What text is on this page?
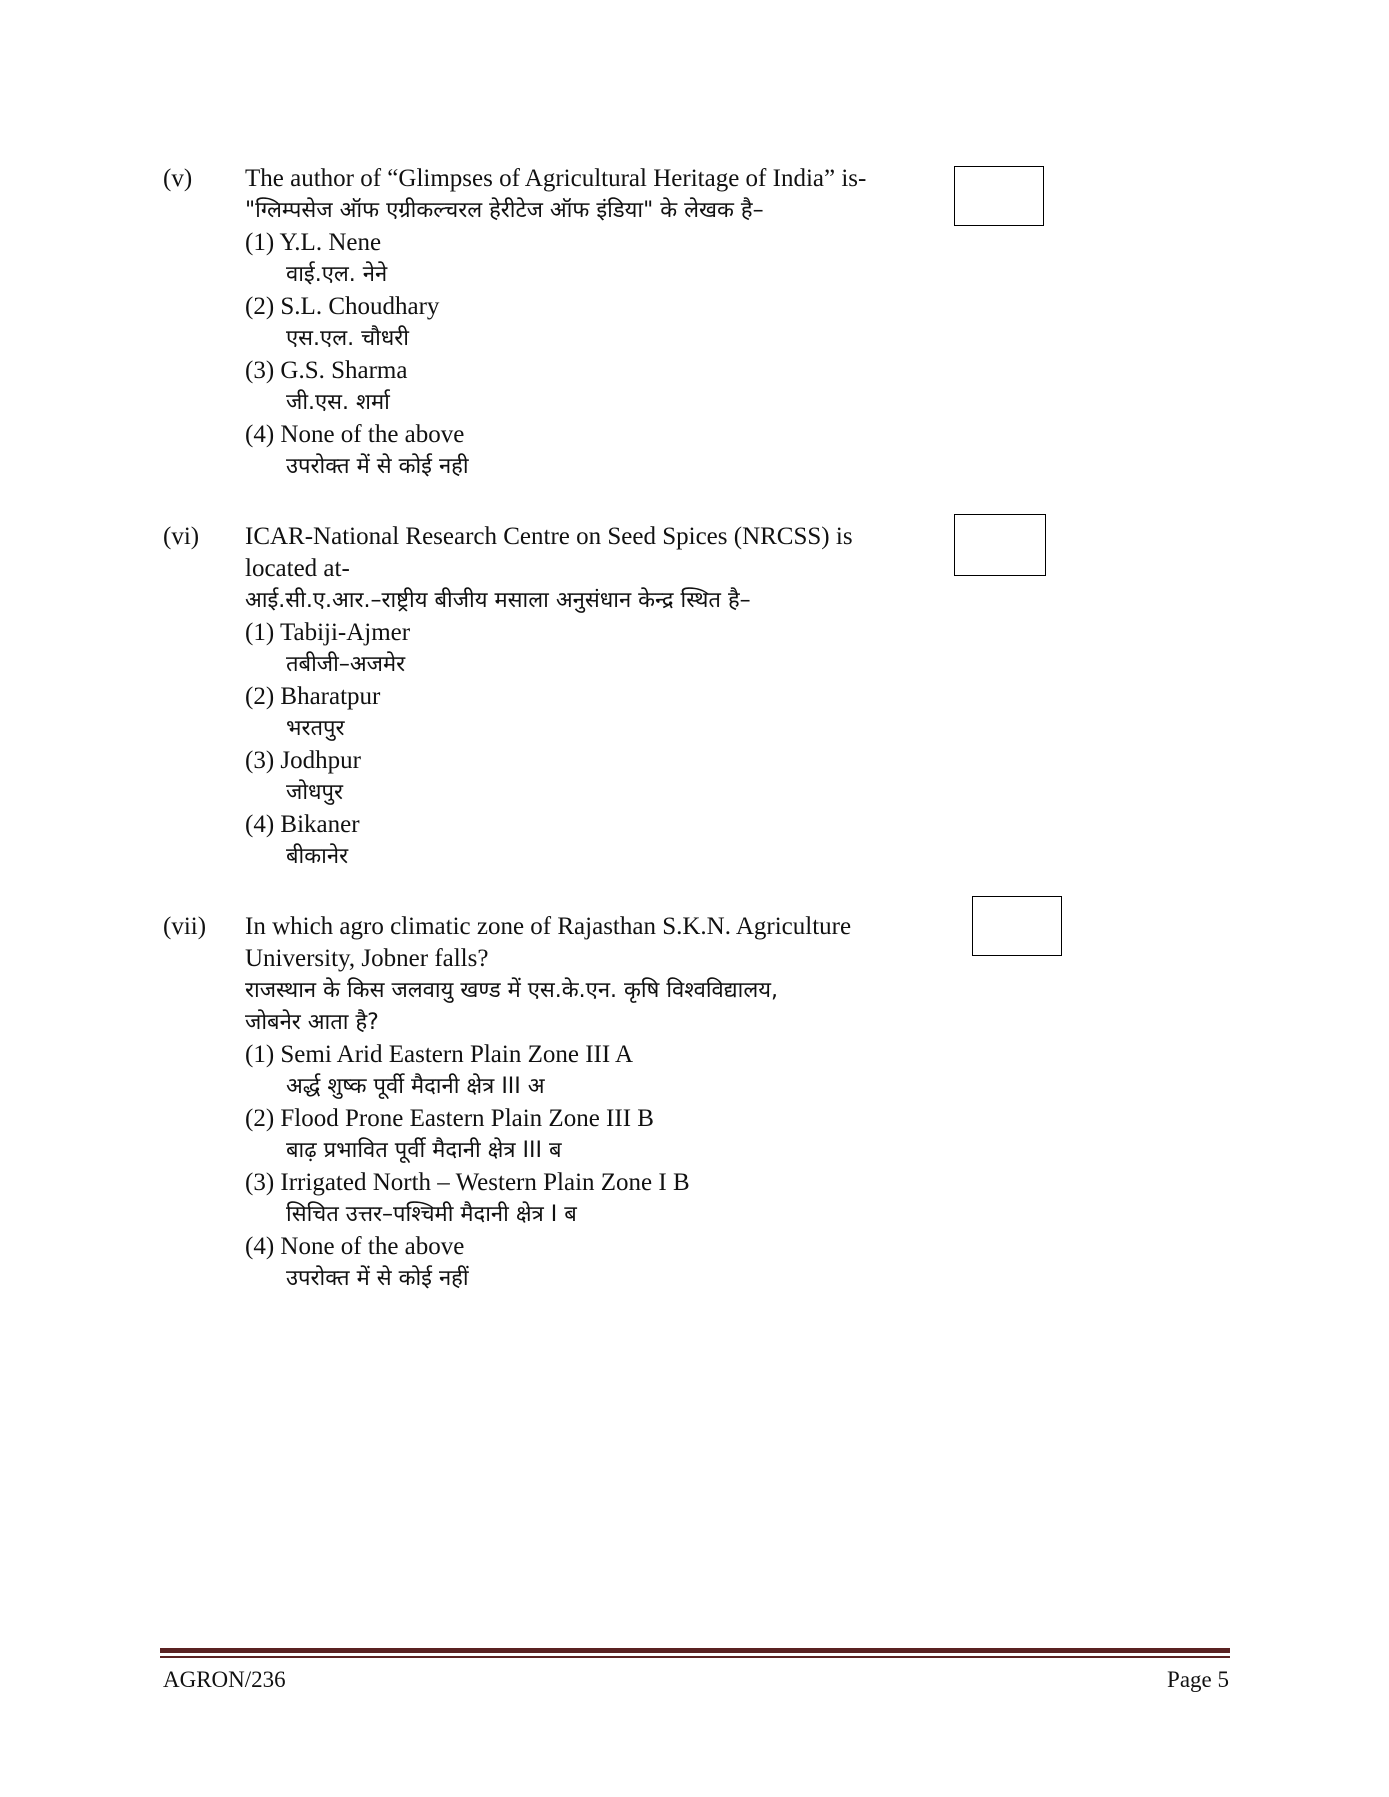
(v) The author of “Glimpses of Agricultural Heritage of India” is-
"ग्लिम्पसेज ऑफ एग्रीकल्चरल हेरीटेज ऑफ इंडिया" के लेखक है–
(1) Y.L. Nene
वाई.एल. नेने
(2) S.L. Choudhary
एस.एल. चौधरी
(3) G.S. Sharma
जी.एस. शर्मा
(4) None of the above
उपरोक्त में से कोई नही
(vi) ICAR-National Research Centre on Seed Spices (NRCSS) is
located at-
आई.सी.ए.आर.–राष्ट्रीय बीजीय मसाला अनुसंधान केन्द्र स्थित है–
(1) Tabiji-Ajmer
तबीजी–अजमेर
(2) Bharatpur
भरतपुर
(3) Jodhpur
जोधपुर
(4) Bikaner
बीकानेर
(vii) In which agro climatic zone of Rajasthan S.K.N. Agriculture
University, Jobner falls?
राजस्थान के किस जलवायु खण्ड में एस.के.एन. कृषि विश्वविद्यालय,
जोबनेर आता है?
(1) Semi Arid Eastern Plain Zone III A
अर्द्ध शुष्क पूर्वी मैदानी क्षेत्र III अ
(2) Flood Prone Eastern Plain Zone III B
बाढ़ प्रभावित पूर्वी मैदानी क्षेत्र III ब
(3) Irrigated North – Western Plain Zone I B
सिचित उत्तर–पश्चिमी मैदानी क्षेत्र I ब
(4) None of the above
उपरोक्त में से कोई नहीं
AGRON/236	Page 5
